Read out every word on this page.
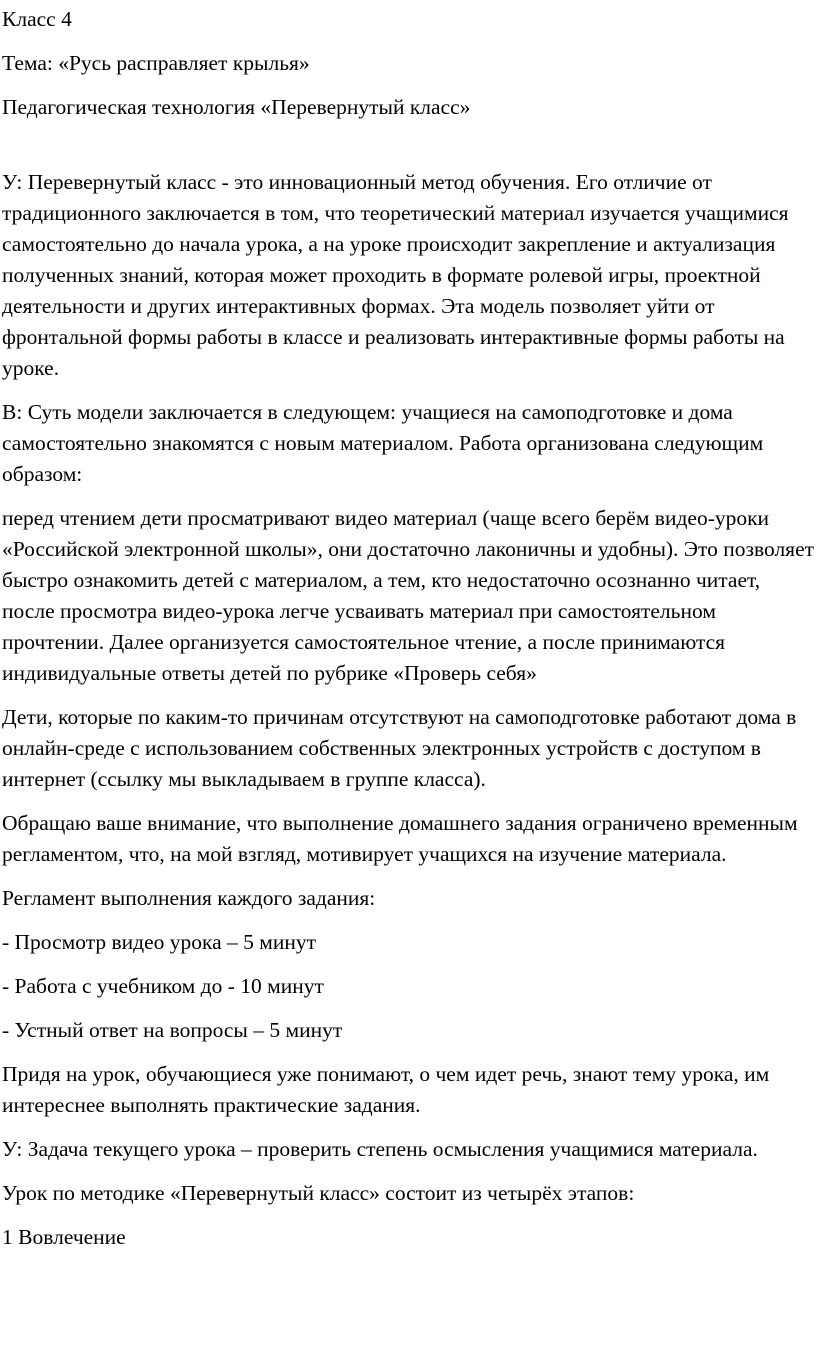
Класс 4

Тема: «Русь расправляет крылья»

Педагогическая технология «Перевернутый класс»

У: Перевернутый класс - это инновационный метод обучения. Его отличие от традиционного заключается в том, что теоретический материал изучается учащимися самостоятельно до начала урока, а на уроке происходит закрепление и актуализация полученных знаний, которая может проходить в формате ролевой игры, проектной деятельности и других интерактивных формах. Эта модель позволяет уйти от фронтальной формы работы в классе и реализовать интерактивные формы работы на уроке.

В: Суть модели заключается в следующем: учащиеся на самоподготовке и дома самостоятельно знакомятся с новым материалом. Работа организована следующим образом:

перед чтением дети просматривают видео материал (чаще всего берём видео-уроки «Российской электронной школы», они достаточно лаконичны и удобны). Это позволяет быстро ознакомить детей с материалом, а тем, кто недостаточно осознанно читает, после просмотра видео-урока легче усваивать материал при самостоятельном прочтении. Далее организуется самостоятельное чтение, а после принимаются индивидуальные ответы детей по рубрике «Проверь себя»

Дети, которые по каким-то причинам отсутствуют на самоподготовке работают дома в онлайн-среде с использованием собственных электронных устройств с доступом в интернет (ссылку мы выкладываем в группе класса).

Обращаю ваше внимание, что выполнение домашнего задания ограничено временным регламентом, что, на мой взгляд, мотивирует учащихся на изучение материала.

Регламент выполнения каждого задания:

- Просмотр видео урока – 5 минут

- Работа с учебником до - 10 минут

- Устный ответ на вопросы – 5 минут

Придя на урок, обучающиеся уже понимают, о чем идет речь, знают тему урока, им интереснее выполнять практические задания.

У: Задача текущего урока – проверить степень осмысления учащимися материала.

Урок по методике «Перевернутый класс» состоит из четырёх этапов:

1 Вовлечение
